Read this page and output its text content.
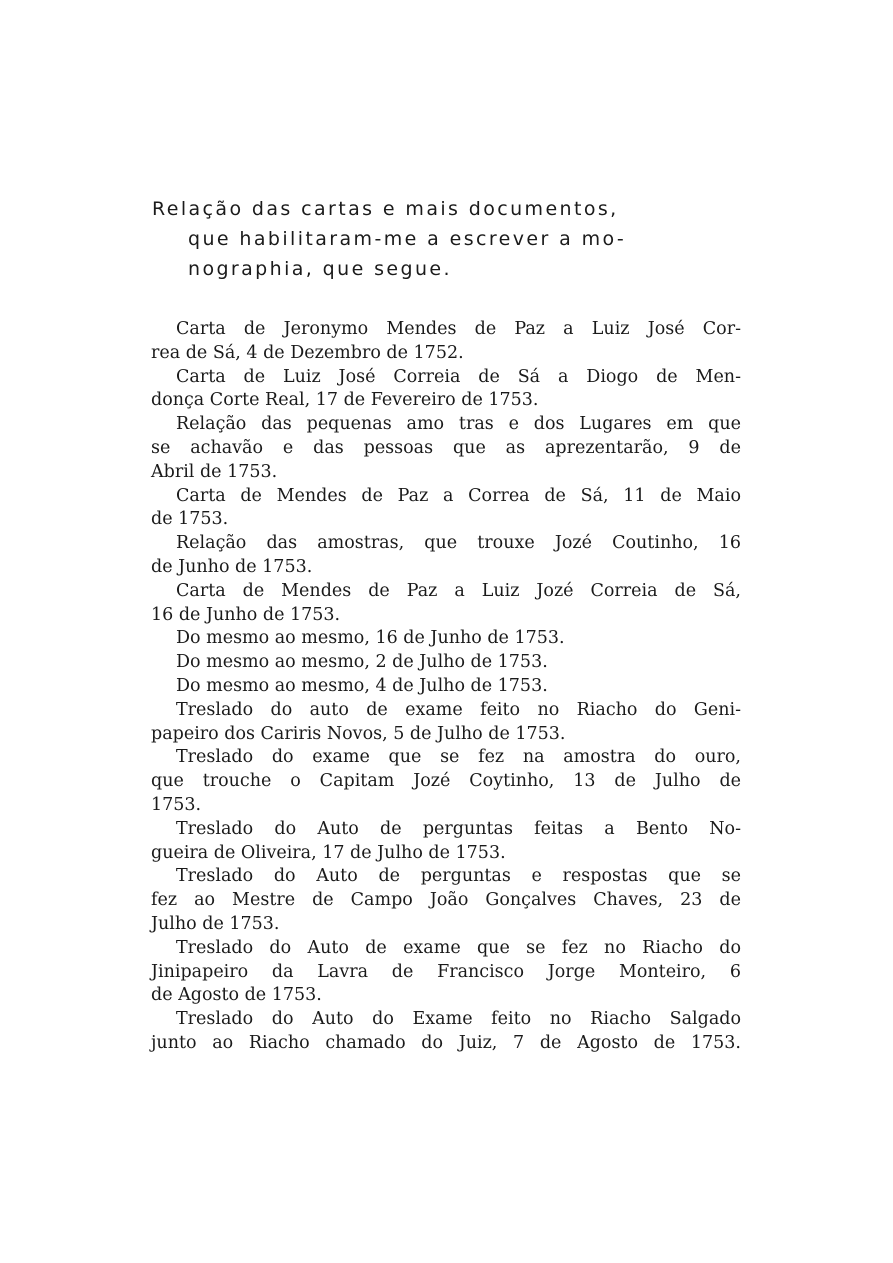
Relação das cartas e mais documentos,
que habilitaram-me a escrever a mo-
nographia, que segue.
Carta de Jeronymo Mendes de Paz a Luiz José Cor-
rea de Sá, 4 de Dezembro de 1752.
Carta de Luiz José Correia de Sá a Diogo de Men-
donça Corte Real, 17 de Fevereiro de 1753.
Relação das pequenas amo tras e dos Lugares em que
se achavão e das pessoas que as aprezentarão, 9 de
Abril de 1753.
Carta de Mendes de Paz a Correa de Sá, 11 de Maio
de 1753.
Relação das amostras, que trouxe Jozé Coutinho, 16
de Junho de 1753.
Carta de Mendes de Paz a Luiz Jozé Correia de Sá,
16 de Junho de 1753.
Do mesmo ao mesmo, 16 de Junho de 1753.
Do mesmo ao mesmo, 2 de Julho de 1753.
Do mesmo ao mesmo, 4 de Julho de 1753.
Treslado do auto de exame feito no Riacho do Geni-
papeiro dos Cariris Novos, 5 de Julho de 1753.
Treslado do exame que se fez na amostra do ouro,
que trouche o Capitam Jozé Coytinho, 13 de Julho de
1753.
Treslado do Auto de perguntas feitas a Bento No-
gueira de Oliveira, 17 de Julho de 1753.
Treslado do Auto de perguntas e respostas que se
fez ao Mestre de Campo João Gonçalves Chaves, 23 de
Julho de 1753.
Treslado do Auto de exame que se fez no Riacho do
Jinipapeiro da Lavra de Francisco Jorge Monteiro, 6
de Agosto de 1753.
Treslado do Auto do Exame feito no Riacho Salgado
junto ao Riacho chamado do Juiz, 7 de Agosto de 1753.
